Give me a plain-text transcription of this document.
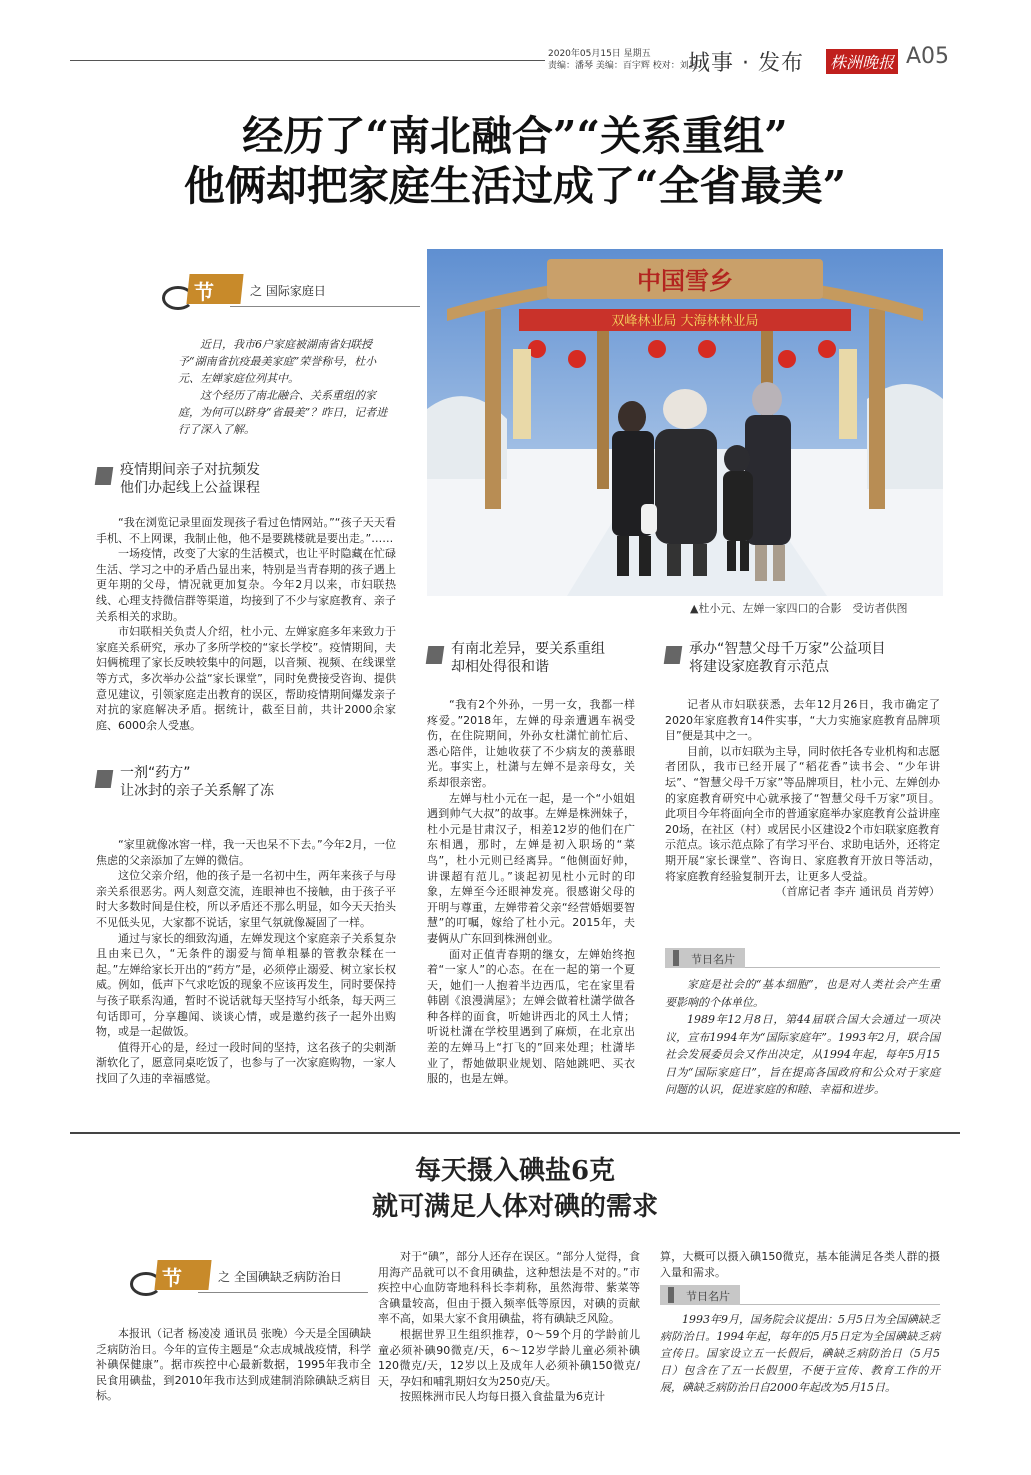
2020年05月15日 星期五
责编：潘琴 美编：百宇辉 校对：刘昱
城事 · 发布 株洲晚报 A05
经历了“南北融合”“关系重组”
他俩却把家庭生活过成了“全省最美”
节 日
之 国际家庭日
近日，我市6户家庭被湖南省妇联授予“湖南省抗疫最美家庭”荣誉称号，杜小元、左婵家庭位列其中。
这个经历了南北融合、关系重组的家庭，为何可以跻身“省最美”？昨日，记者进行了深入了解。
疫情期间亲子对抗频发
他们办起线上公益课程

“我在浏览记录里面发现孩子看过色情网站。”“孩子天天看手机、不上网课，我制止他，他不是要跳楼就是要出走。”……

一场疫情，改变了大家的生活模式，也让平时隐藏在忙碌生活、学习之中的矛盾凸显出来，特别是当青春期的孩子遇上更年期的父母，情况就更加复杂。今年2月以来，市妇联热线、心理支持微信群等渠道，均接到了不少与家庭教育、亲子关系相关的求助。

市妇联相关负责人介绍，杜小元、左婵家庭多年来致力于家庭关系研究，承办了多所学校的“家长学校”。疫情期间，夫妇俩梳理了家长反映较集中的问题，以音频、视频、在线课堂等方式，多次举办公益“家长课堂”，同时免费接受咨询、提供意见建议，引领家庭走出教育的误区，帮助疫情期间爆发亲子对抗的家庭解决矛盾。据统计，截至目前，共计2000余家庭、6000余人受惠。

一剂“药方”
让冰封的亲子关系解了冻

“家里就像冰窖一样，我一天也呆不下去。”今年2月，一位焦虑的父亲添加了左婵的微信。

这位父亲介绍，他的孩子是一名初中生，两年来孩子与母亲关系很恶劣。两人刻意交流，连眼神也不接触，由于孩子平时大多数时间是住校，所以矛盾还不那么明显，如今天天抬头不见低头见，大家都不说话，家里气氛就像凝固了一样。

通过与家长的细致沟通，左婵发现这个家庭亲子关系复杂且由来已久，“无条件的溺爱与简单粗暴的管教杂糅在一起。”左婵给家长开出的“药方”是，必须停止溺爱、树立家长权威。例如，低声下气求吃饭的现象不应该再发生，同时要保持与孩子联系沟通，暂时不说话就每天坚持写小纸条，每天两三句话即可，分享趣闻、谈谈心情，或是邀约孩子一起外出购物，或是一起做饭。

值得开心的是，经过一段时间的坚持，这名孩子的尖刺渐渐软化了，愿意同桌吃饭了，也参与了一次家庭购物，一家人找回了久违的幸福感觉。

中国雪乡
双峰林业局 大海林林业局
▲杜小元、左婵一家四口的合影　受访者供图
有南北差异，要关系重组
却相处得很和谐

“我有2个外孙，一男一女，我都一样疼爱。”2018年，左婵的母亲遭遇车祸受伤，在住院期间，外孙女杜潇忙前忙后、悉心陪伴，让她收获了不少病友的羡慕眼光。事实上，杜潇与左婵不是亲母女，关系却很亲密。

左婵与杜小元在一起，是一个“小姐姐遇到帅气大叔”的故事。左婵是株洲妹子，杜小元是甘肃汉子，相差12岁的他们在广东相遇，那时，左婵是初入职场的“菜鸟”，杜小元则已经离异。“他侧面好帅，讲课超有范儿。”谈起初见杜小元时的印象，左婵至今还眼神发亮。很感谢父母的开明与尊重，左婵带着父亲“经营婚姻要智慧”的叮嘱，嫁给了杜小元。2015年，夫妻俩从广东回到株洲创业。

面对正值青春期的继女，左婵始终抱着“一家人”的心态。在在一起的第一个夏天，她们一人抱着半边西瓜，宅在家里看韩剧《浪漫满屋》；左婵会做着杜潇学做各种各样的面食，听她讲西北的风土人情；听说杜潇在学校里遇到了麻烦，在北京出差的左婵马上“打飞的”回来处理；杜潇毕业了，帮她做职业规划、陪她跳吧、买衣服的，也是左婵。

承办“智慧父母千万家”公益项目
将建设家庭教育示范点

记者从市妇联获悉，去年12月26日，我市确定了2020年家庭教育14件实事，“大力实施家庭教育品牌项目”便是其中之一。

目前，以市妇联为主导，同时依托各专业机构和志愿者团队，我市已经开展了“稻花香”读书会、“少年讲坛”、“智慧父母千万家”等品牌项目，杜小元、左婵创办的家庭教育研究中心就承接了“智慧父母千万家”项目。此项目今年将面向全市的普通家庭举办家庭教育公益讲座20场，在社区（村）或居民小区建设2个市妇联家庭教育示范点。该示范点除了有学习平台、求助电话外，还将定期开展“家长课堂”、咨询日、家庭教育开放日等活动，将家庭教育经验复制开去，让更多人受益。

（首席记者 李卉 通讯员 肖芳婷）

节日名片

家庭是社会的“基本细胞”，也是对人类社会产生重要影响的个体单位。

1989年12月8日，第44届联合国大会通过一项决议，宣布1994年为“国际家庭年”。1993年2月，联合国社会发展委员会又作出决定，从1994年起，每年5月15日为“国际家庭日”，旨在提高各国政府和公众对于家庭问题的认识，促进家庭的和睦、幸福和进步。

每天摄入碘盐6克
就可满足人体对碘的需求
节 日
之 全国碘缺乏病防治日

本报讯（记者 杨凌凌 通讯员 张晚）今天是全国碘缺乏病防治日。今年的宣传主题是“众志成城战疫情，科学补碘保健康”。据市疾控中心最新数据，1995年我市全民食用碘盐，到2010年我市达到成建制消除碘缺乏病目标。

对于“碘”，部分人还存在误区。“部分人觉得，食用海产品就可以不食用碘盐，这种想法是不对的。”市疾控中心血防寄地科科长李莉称，虽然海带、紫菜等含碘量较高，但由于摄入频率低等原因，对碘的贡献率不高，如果大家不食用碘盐，将有碘缺乏风险。

根据世界卫生组织推荐，0～59个月的学龄前儿童必须补碘90微克/天，6～12岁学龄儿童必须补碘120微克/天，12岁以上及成年人必须补碘150微克/天，孕妇和哺乳期妇女为250克/天。

按照株洲市民人均每日摄入食盐量为6克计

算，大概可以摄入碘150微克，基本能满足各类人群的摄入量和需求。

节日名片

1993年9月，国务院会议提出：5月5日为全国碘缺乏病防治日。1994年起，每年的5月5日定为全国碘缺乏病宣传日。国家设立五一长假后，碘缺乏病防治日（5月5日）包含在了五一长假里，不便于宣传、教育工作的开展，碘缺乏病防治日自2000年起改为5月15日。
